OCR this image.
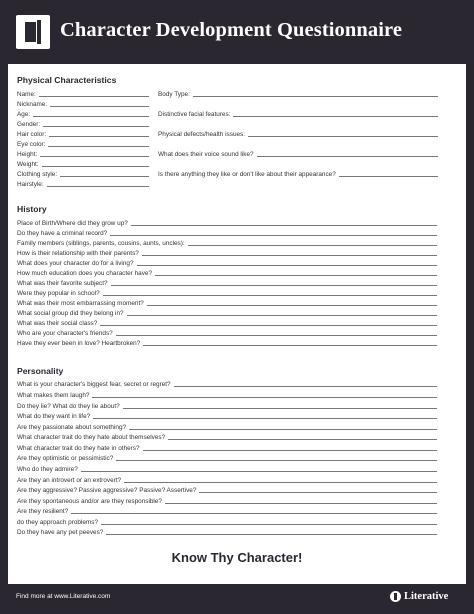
Character Development Questionnaire
Physical Characteristics
Name:
Nickname:
Age:
Gender:
Hair color:
Eye color:
Height:
Weight:
Clothing style:
Hairstyle:
Body Type:
Distinctive facial features:
Physical defects/health issues:
What does their voice sound like?
Is there anything they like or don't like about their appearance?
History
Place of Birth/Where did they grow up?
Do they have a criminal record?
Family members (siblings, parents, cousins, aunts, uncles):
How is their relationship with their parents?
What does your character do for a living?
How much education does you character have?
What was their favorite subject?
Were they popular in school?
What was their most embarrassing moment?
What social group did they belong in?
What was their social class?
Who are your character's friends?
Have they ever been in love? Heartbroken?
Personality
What is your character's biggest fear, secret or regret?
What makes them laugh?
Do they lie? What do they lie about?
What do they want in life?
Are they passionate about something?
What character trait do they hate about themselves?
What character trait do they hate in others?
Are they optimistic or pessimistic?
Who do they admire?
Are they an introvert or an extrovert?
Are they aggressive? Passive aggressive? Passive? Assertive?
Are they spontaneous and/or are they responsible?
Are they resilient?
do they approach problems?
Do they have any pet peeves?
Know Thy Character!
Find more at www.Literative.com	Literative
